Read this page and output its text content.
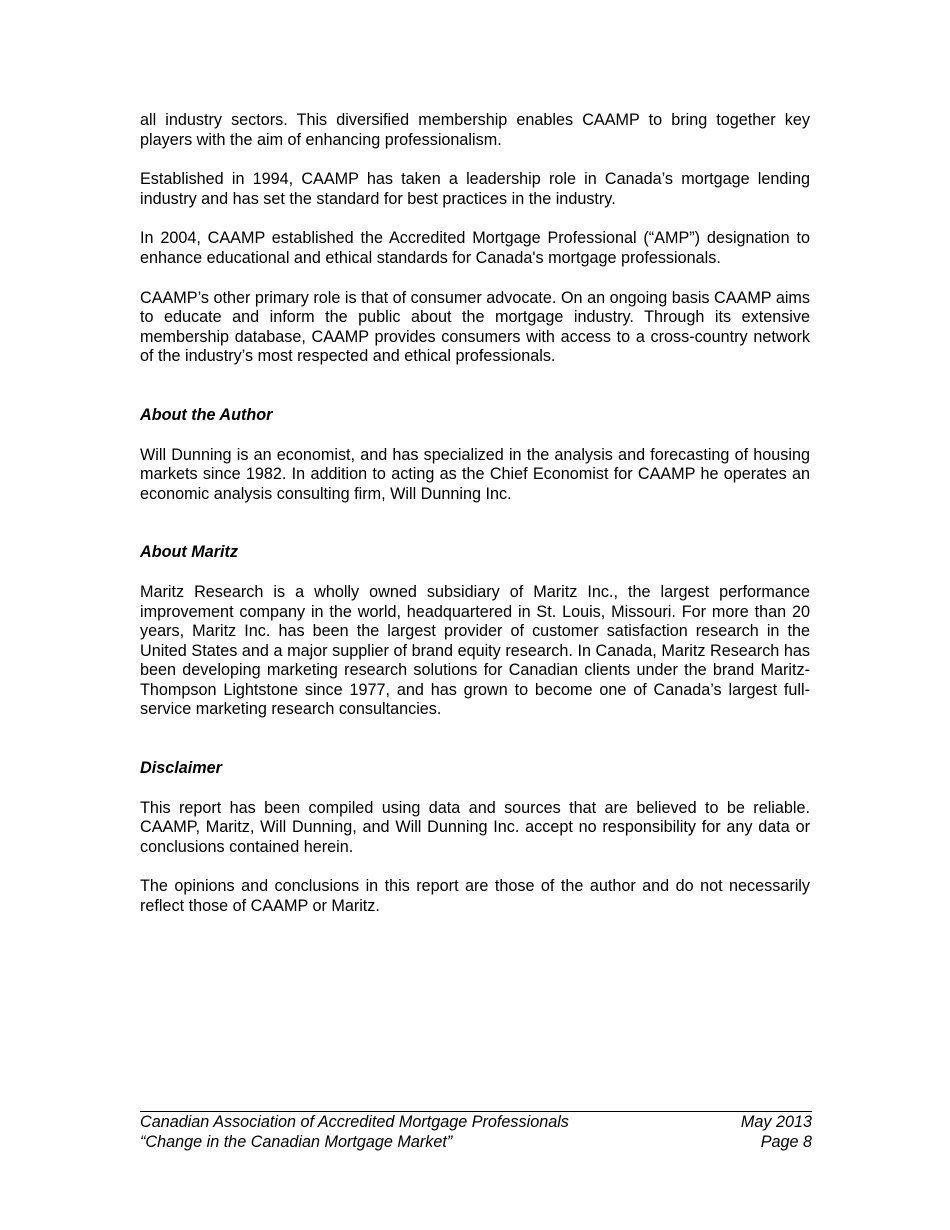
all industry sectors. This diversified membership enables CAAMP to bring together key players with the aim of enhancing professionalism.

Established in 1994, CAAMP has taken a leadership role in Canada’s mortgage lending industry and has set the standard for best practices in the industry.

In 2004, CAAMP established the Accredited Mortgage Professional (“AMP”) designation to enhance educational and ethical standards for Canada's mortgage professionals.

CAAMP’s other primary role is that of consumer advocate. On an ongoing basis CAAMP aims to educate and inform the public about the mortgage industry. Through its extensive membership database, CAAMP provides consumers with access to a cross-country network of the industry’s most respected and ethical professionals.

About the Author

Will Dunning is an economist, and has specialized in the analysis and forecasting of housing markets since 1982. In addition to acting as the Chief Economist for CAAMP he operates an economic analysis consulting firm, Will Dunning Inc.

About Maritz

Maritz Research is a wholly owned subsidiary of Maritz Inc., the largest performance improvement company in the world, headquartered in St. Louis, Missouri. For more than 20 years, Maritz Inc. has been the largest provider of customer satisfaction research in the United States and a major supplier of brand equity research. In Canada, Maritz Research has been developing marketing research solutions for Canadian clients under the brand Maritz-Thompson Lightstone since 1977, and has grown to become one of Canada’s largest full-service marketing research consultancies.

Disclaimer

This report has been compiled using data and sources that are believed to be reliable. CAAMP, Maritz, Will Dunning, and Will Dunning Inc. accept no responsibility for any data or conclusions contained herein.

The opinions and conclusions in this report are those of the author and do not necessarily reflect those of CAAMP or Maritz.

Canadian Association of Accredited Mortgage Professionals	May 2013
“Change in the Canadian Mortgage Market”	Page 8
